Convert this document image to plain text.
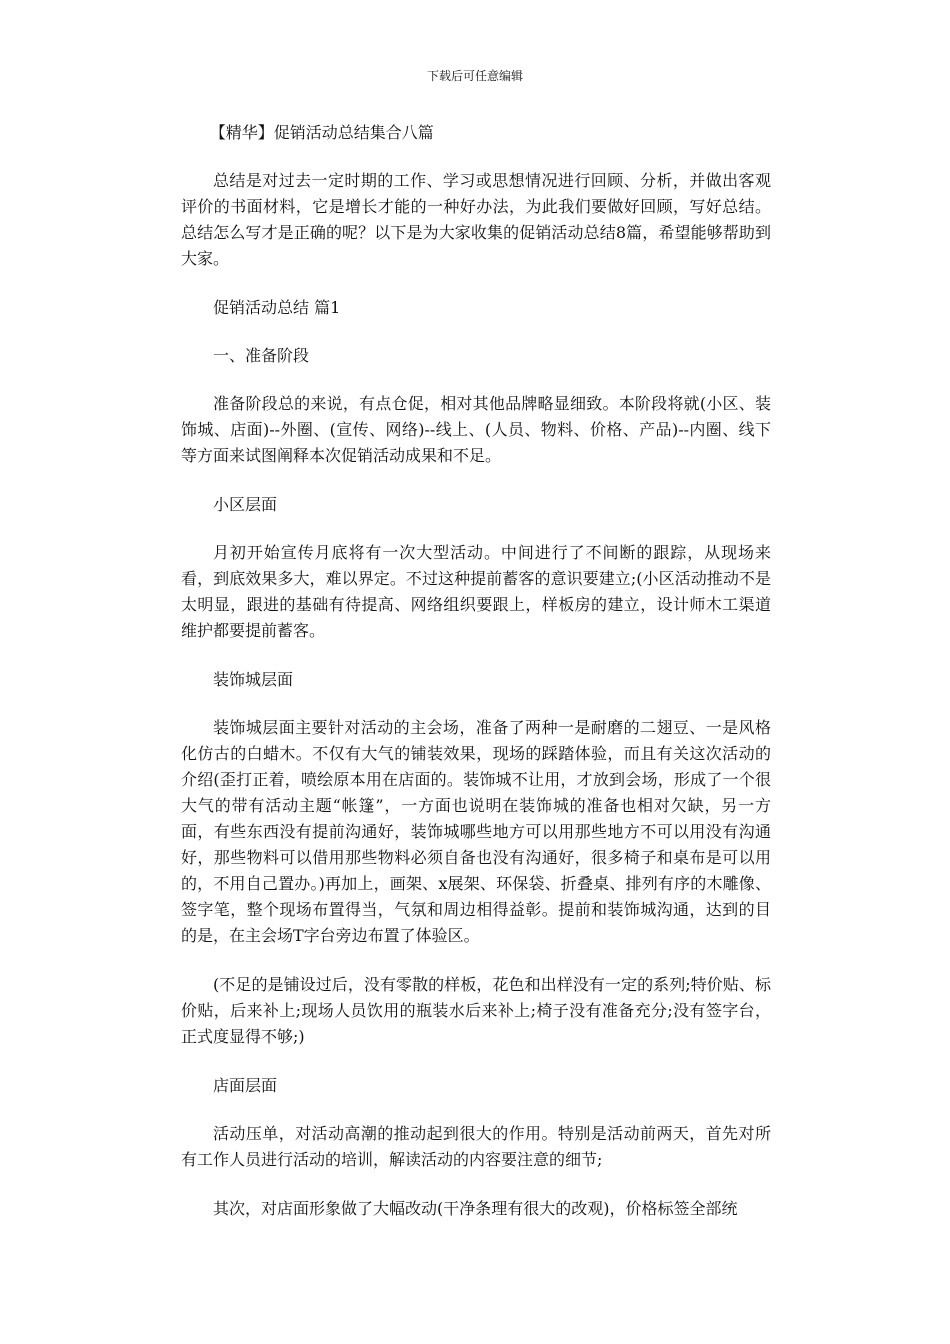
下载后可任意编辑

【精华】促销活动总结集合八篇

总结是对过去一定时期的工作、学习或思想情况进行回顾、分析，并做出客观评价的书面材料，它是增长才能的一种好办法，为此我们要做好回顾，写好总结。总结怎么写才是正确的呢？以下是为大家收集的促销活动总结8篇，希望能够帮助到大家。

促销活动总结 篇1

一、准备阶段

准备阶段总的来说，有点仓促，相对其他品牌略显细致。本阶段将就(小区、装饰城、店面)--外圈、(宣传、网络)--线上、(人员、物料、价格、产品)--内圈、线下等方面来试图阐释本次促销活动成果和不足。

小区层面

月初开始宣传月底将有一次大型活动。中间进行了不间断的跟踪，从现场来看，到底效果多大，难以界定。不过这种提前蓄客的意识要建立;(小区活动推动不是太明显，跟进的基础有待提高、网络组织要跟上，样板房的建立，设计师木工渠道维护都要提前蓄客。

装饰城层面

装饰城层面主要针对活动的主会场，准备了两种一是耐磨的二翅豆、一是风格化仿古的白蜡木。不仅有大气的铺装效果，现场的踩踏体验，而且有关这次活动的介绍(歪打正着，喷绘原本用在店面的。装饰城不让用，才放到会场，形成了一个很大气的带有活动主题“帐篷”，一方面也说明在装饰城的准备也相对欠缺，另一方面，有些东西没有提前沟通好，装饰城哪些地方可以用那些地方不可以用没有沟通好，那些物料可以借用那些物料必须自备也没有沟通好，很多椅子和桌布是可以用的，不用自己置办。)再加上，画架、x展架、环保袋、折叠桌、排列有序的木雕像、签字笔，整个现场布置得当，气氛和周边相得益彰。提前和装饰城沟通，达到的目的是，在主会场T字台旁边布置了体验区。

(不足的是铺设过后，没有零散的样板，花色和出样没有一定的系列;特价贴、标价贴，后来补上;现场人员饮用的瓶装水后来补上;椅子没有准备充分;没有签字台，正式度显得不够;)

店面层面

活动压单，对活动高潮的推动起到很大的作用。特别是活动前两天，首先对所有工作人员进行活动的培训，解读活动的内容要注意的细节;

其次，对店面形象做了大幅改动(干净条理有很大的改观)，价格标签全部统
